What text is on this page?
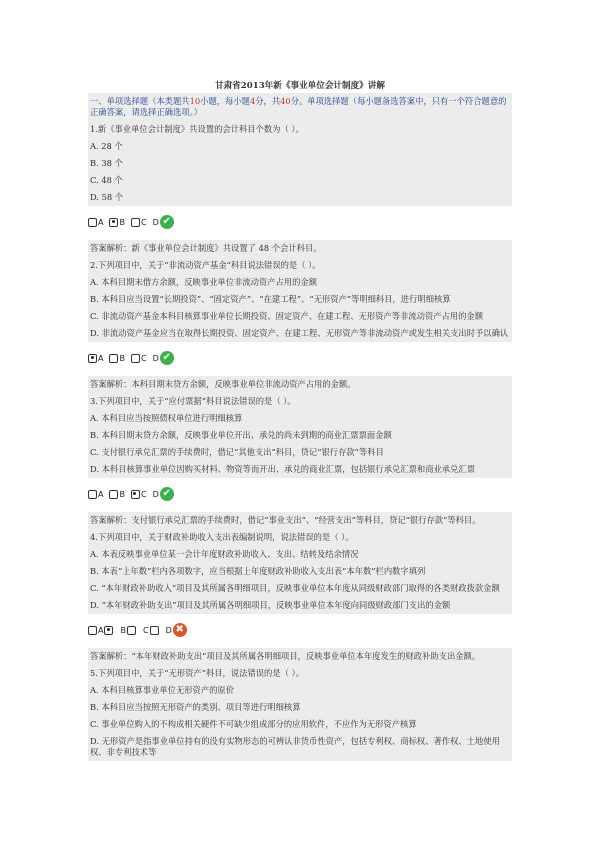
甘肃省2013年新《事业单位会计制度》讲解
一、单项选择题（本类题共10小题，每小题4分，共40分。单项选择题（每小题备选答案中，只有一个符合题意的正确答案，请选择正确选项。）
1.新《事业单位会计制度》共设置的会计科目个数为（ ）。
A. 28 个
B. 38 个
C. 48 个
D. 58 个
A B C D ✔
答案解析：新《事业单位会计制度》共设置了 48 个会计科目。
2.下列项目中，关于“非流动资产基金”科目说法错误的是（ ）。
A. 本科目期末借方余额，反映事业单位非流动资产占用的金额
B. 本科目应当设置“长期投资”、“固定资产”、“在建工程”、“无形资产”等明细科目，进行明细核算
C. 非流动资产基金本科目核算事业单位长期投资、固定资产、在建工程、无形资产等非流动资产占用的金额
D. 非流动资产基金应当在取得长期投资、固定资产、在建工程、无形资产等非流动资产或发生相关支出时予以确认
A B C D ✔
答案解析：本科目期末贷方余额，反映事业单位非流动资产占用的金额。
3.下列项目中，关于“应付票据”科目说法错误的是（ ）。
A. 本科目应当按照债权单位进行明细核算
B. 本科目期末贷方余额，反映事业单位开出、承兑的尚未到期的商业汇票票面金额
C. 支付银行承兑汇票的手续费时，借记“其他支出”科目，贷记“银行存款”等科目
D. 本科目核算事业单位因购买材料、物资等而开出、承兑的商业汇票，包括银行承兑汇票和商业承兑汇票
A B C D ✔
答案解析：支付银行承兑汇票的手续费时，借记“事业支出”、“经营支出”等科目，贷记“银行存款”等科目。
4.下列项目中，关于财政补助收入支出表编制说明，说法错误的是（ ）。
A. 本表反映事业单位某一会计年度财政补助收入、支出、结转及结余情况
B. 本表“上年数”栏内各项数字，应当根据上年度财政补助收入支出表“本年数”栏内数字填列
C. “本年财政补助收入”项目及其所属各明细项目，反映事业单位本年度从同级财政部门取得的各类财政拨款金额
D. “本年财政补助支出”项目及其所属各明细项目，反映事业单位本年度向同级财政部门支出的金额
A B C D ✖
答案解析：“本年财政补助支出”项目及其所属各明细项目，反映事业单位本年度发生的财政补助支出金额。
5.下列项目中，关于“无形资产”科目，说法错误的是（ ）。
A. 本科目核算事业单位无形资产的原价
B. 本科目应当按照无形资产的类别、项目等进行明细核算
C. 事业单位购入的不构成相关硬件不可缺少组成部分的应用软件，不应作为无形资产核算
D. 无形资产是指事业单位持有的没有实物形态的可辨认非货币性资产，包括专利权、商标权、著作权、土地使用权、非专利技术等
